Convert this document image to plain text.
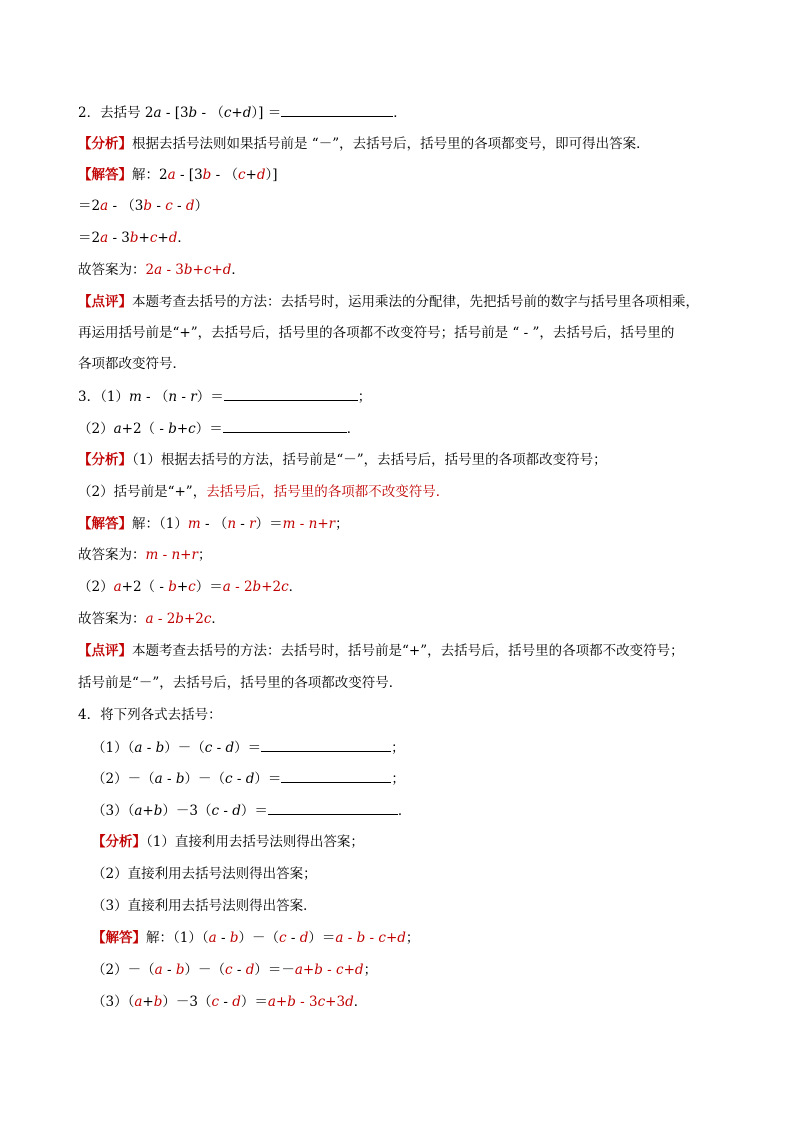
2．去括号 2a - [3b - （c+d）] ＝	．
【分析】根据去括号法则如果括号前是 “－”，去括号后，括号里的各项都变号，即可得出答案．
【解答】解：2a - [3b - （c+d）]
＝2a - （3b - c - d）
＝2a - 3b+c+d．
故答案为：2a - 3b+c+d．
【点评】本题考查去括号的方法：去括号时，运用乘法的分配律，先把括号前的数字与括号里各项相乘，
再运用括号前是“+”，去括号后，括号里的各项都不改变符号；括号前是 “ - ”，去括号后，括号里的
各项都改变符号．
3．（1）m - （n - r）＝	；
（2）a+2（ - b+c）＝	．
【分析】（1）根据去括号的方法，括号前是“－”，去括号后，括号里的各项都改变符号；
（2）括号前是“+”，去括号后，括号里的各项都不改变符号．
【解答】解：（1）m - （n - r）＝m - n+r；
故答案为：m - n+r；
（2）a+2（ - b+c）＝a - 2b+2c．
故答案为：a - 2b+2c．
【点评】本题考查去括号的方法：去括号时，括号前是“+”，去括号后，括号里的各项都不改变符号；
括号前是“－”，去括号后，括号里的各项都改变符号．
4．将下列各式去括号：
（1）（a - b）－（c - d）＝	；
（2）－（a - b）－（c - d）＝	；
（3）（a+b）－3（c - d）＝	．
【分析】（1）直接利用去括号法则得出答案；
（2）直接利用去括号法则得出答案；
（3）直接利用去括号法则得出答案．
【解答】解：（1）（a - b）－（c - d）＝a - b - c+d；
（2）－（a - b）－（c - d）＝－a+b - c+d；
（3）（a+b）－3（c - d）＝a+b - 3c+3d．
